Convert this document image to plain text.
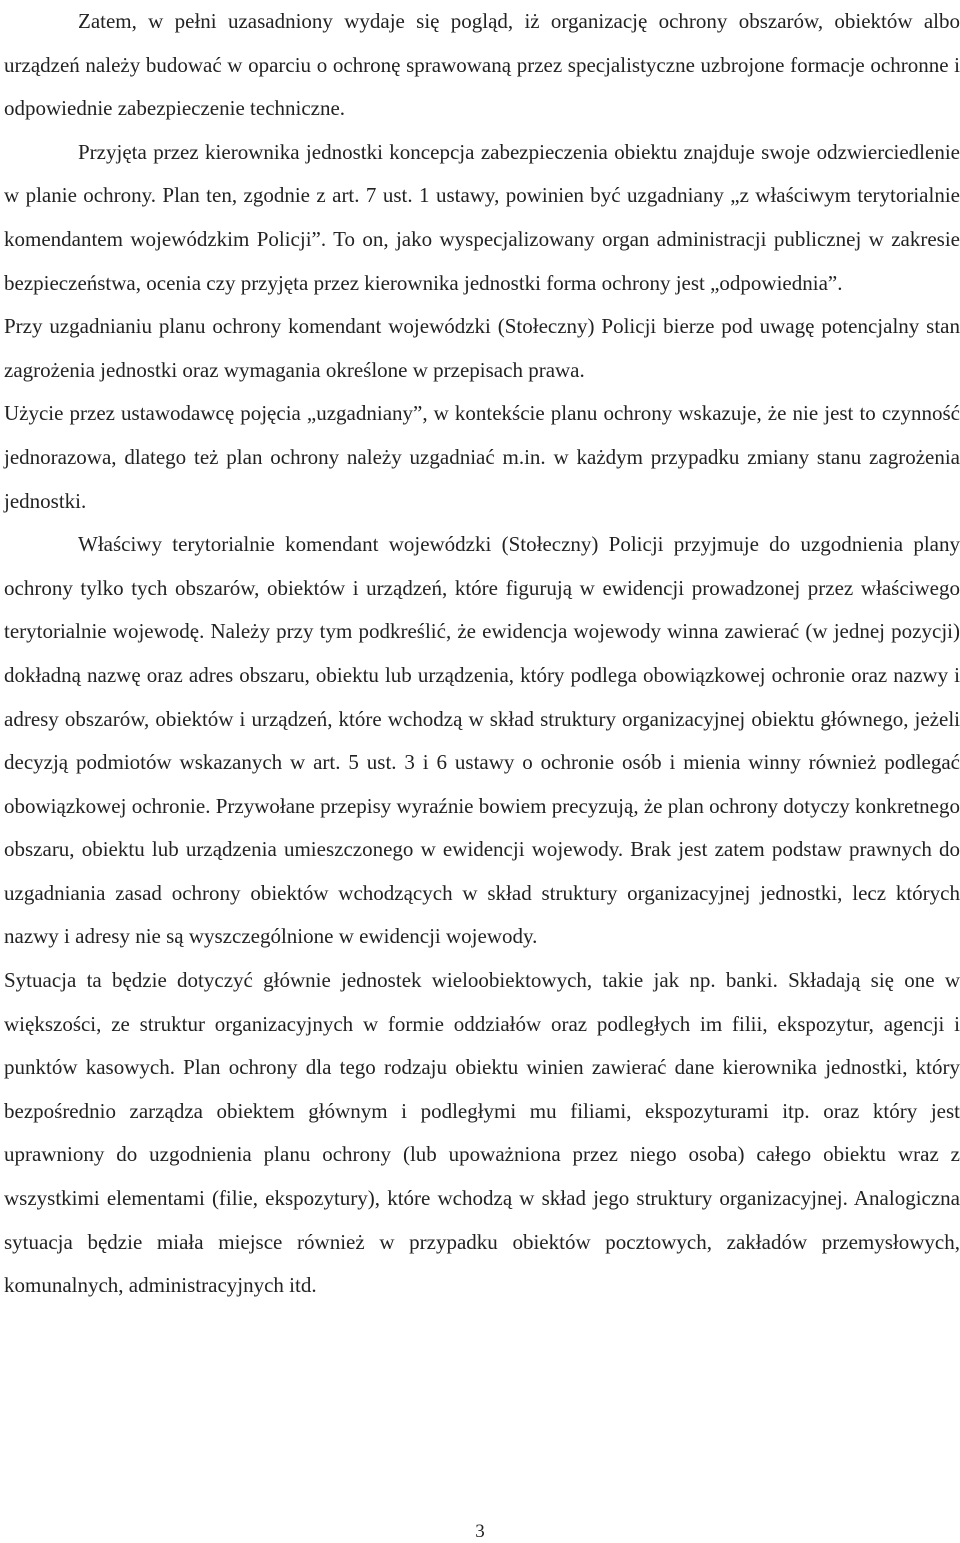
Zatem, w pełni uzasadniony wydaje się pogląd, iż organizację ochrony obszarów, obiektów albo urządzeń należy budować w oparciu o ochronę sprawowaną przez specjalistyczne uzbrojone formacje ochronne i odpowiednie zabezpieczenie techniczne.

Przyjęta przez kierownika jednostki koncepcja zabezpieczenia obiektu znajduje swoje odzwierciedlenie w planie ochrony. Plan ten, zgodnie z art. 7 ust. 1 ustawy, powinien być uzgadniany „z właściwym terytorialnie komendantem wojewódzkim Policji”. To on, jako wyspecjalizowany organ administracji publicznej w zakresie bezpieczeństwa, ocenia czy przyjęta przez kierownika jednostki forma ochrony jest „odpowiednia”.

Przy uzgadnianiu planu ochrony komendant wojewódzki (Stołeczny) Policji bierze pod uwagę potencjalny stan zagrożenia jednostki oraz wymagania określone w przepisach prawa.

Użycie przez ustawodawcę pojęcia „uzgadniany”, w kontekście planu ochrony wskazuje, że nie jest to czynność jednorazowa, dlatego też plan ochrony należy uzgadniać m.in. w każdym przypadku zmiany stanu zagrożenia jednostki.

Właściwy terytorialnie komendant wojewódzki (Stołeczny) Policji przyjmuje do uzgodnienia plany ochrony tylko tych obszarów, obiektów i urządzeń, które figurują w ewidencji prowadzonej przez właściwego terytorialnie wojewodę. Należy przy tym podkreślić, że ewidencja wojewody winna zawierać (w jednej pozycji) dokładną nazwę oraz adres obszaru, obiektu lub urządzenia, który podlega obowiązkowej ochronie oraz nazwy i adresy obszarów, obiektów i urządzeń, które wchodzą w skład struktury organizacyjnej obiektu głównego, jeżeli decyzją podmiotów wskazanych w art. 5 ust. 3 i 6 ustawy o ochronie osób i mienia winny również podlegać obowiązkowej ochronie. Przywołane przepisy wyraźnie bowiem precyzują, że plan ochrony dotyczy konkretnego obszaru, obiektu lub urządzenia umieszczonego w ewidencji wojewody. Brak jest zatem podstaw prawnych do uzgadniania zasad ochrony obiektów wchodzących w skład struktury organizacyjnej jednostki, lecz których nazwy i adresy nie są wyszczególnione w ewidencji wojewody.

Sytuacja ta będzie dotyczyć głównie jednostek wieloobiektowych, takie jak np. banki. Składają się one w większości, ze struktur organizacyjnych w formie oddziałów oraz podległych im filii, ekspozytur, agencji i punktów kasowych. Plan ochrony dla tego rodzaju obiektu winien zawierać dane kierownika jednostki, który bezpośrednio zarządza obiektem głównym i podległymi mu filiami, ekspozyturami itp. oraz który jest uprawniony do uzgodnienia planu ochrony (lub upoważniona przez niego osoba) całego obiektu wraz z wszystkimi elementami (filie, ekspozytury), które wchodzą w skład jego struktury organizacyjnej. Analogiczna sytuacja będzie miała miejsce również w przypadku obiektów pocztowych, zakładów przemysłowych, komunalnych, administracyjnych itd.

3
